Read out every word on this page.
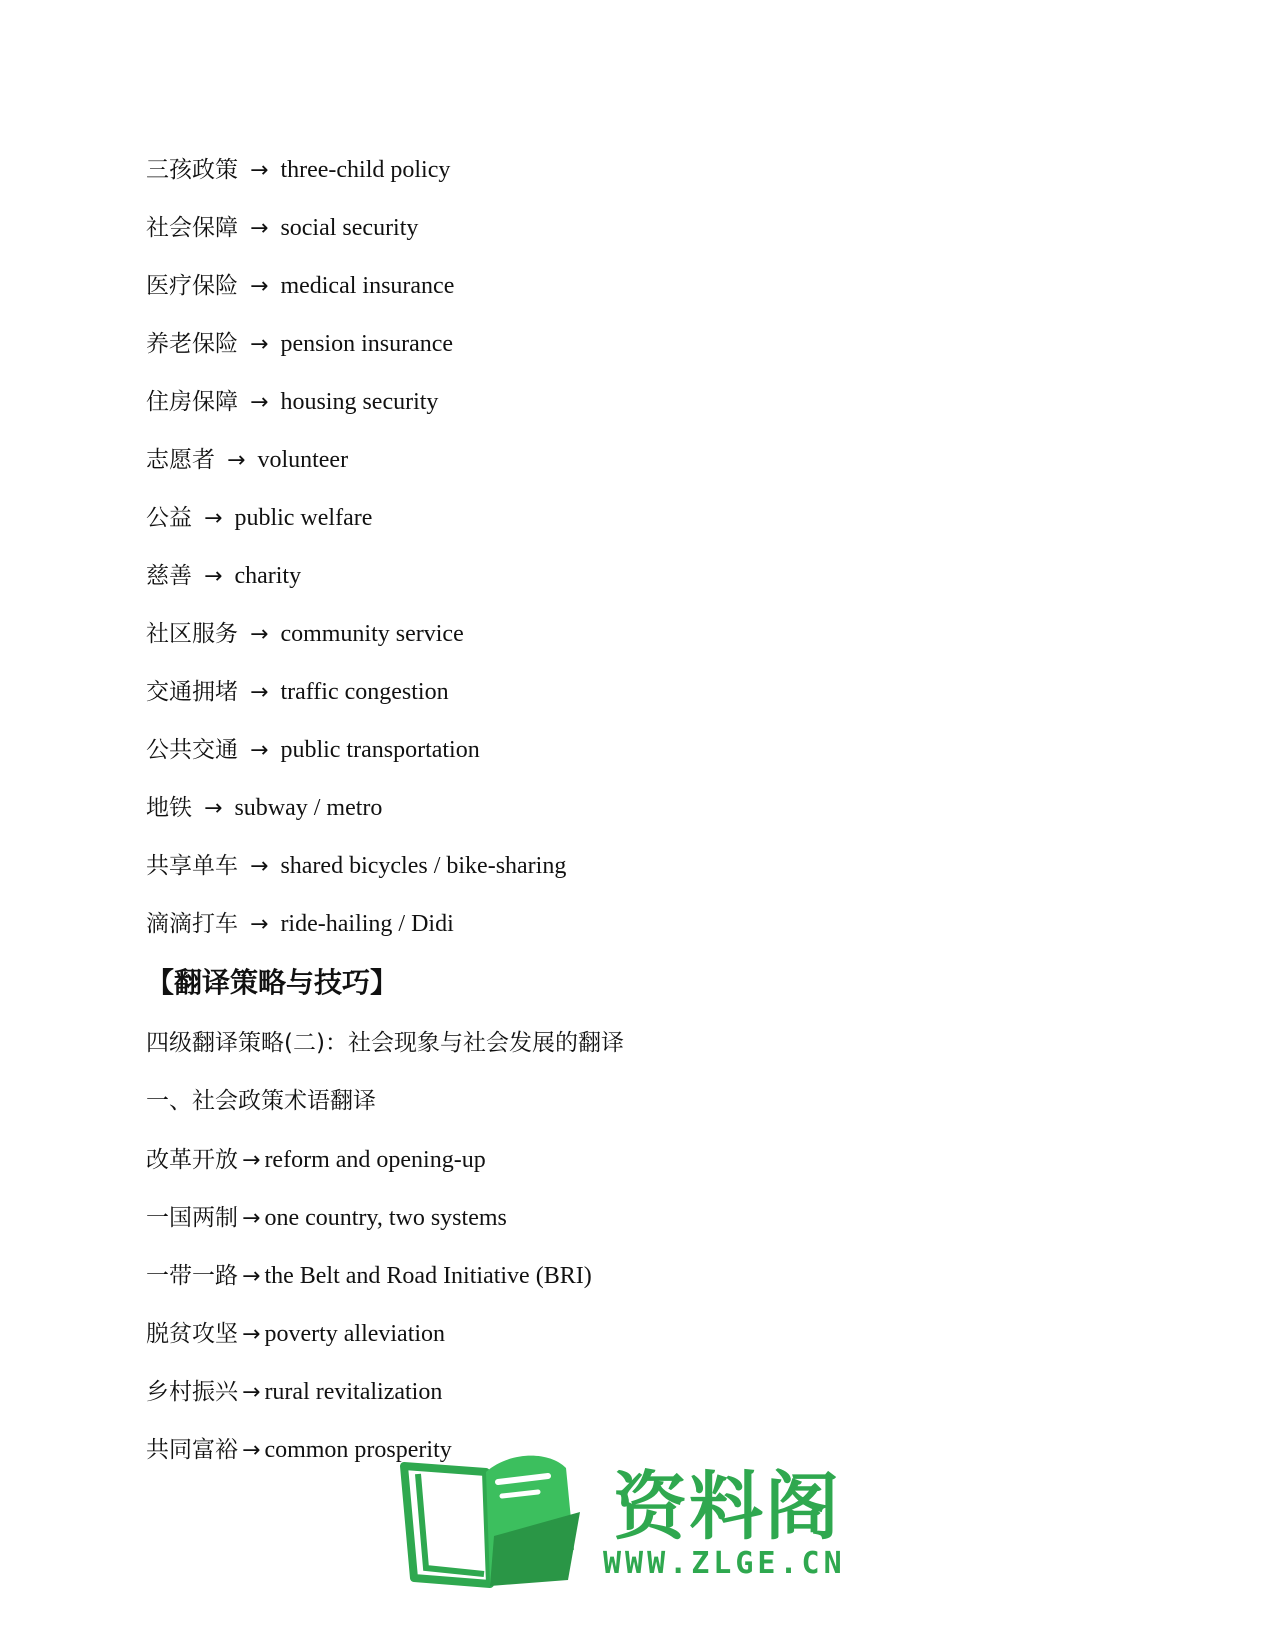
三孩政策 → three-child policy
社会保障 → social security
医疗保险 → medical insurance
养老保险 → pension insurance
住房保障 → housing security
志愿者 → volunteer
公益 → public welfare
慈善 → charity
社区服务 → community service
交通拥堵 → traffic congestion
公共交通 → public transportation
地铁 → subway / metro
共享单车 → shared bicycles / bike-sharing
滴滴打车 → ride-hailing / Didi
【翻译策略与技巧】
四级翻译策略(二)：社会现象与社会发展的翻译
一、社会政策术语翻译
改革开放 → reform and opening-up
一国两制 → one country, two systems
一带一路 → the Belt and Road Initiative (BRI)
脱贫攻坚 → poverty alleviation
乡村振兴 → rural revitalization
共同富裕 → common prosperity
资料阁
WWW.ZLGE.CN
